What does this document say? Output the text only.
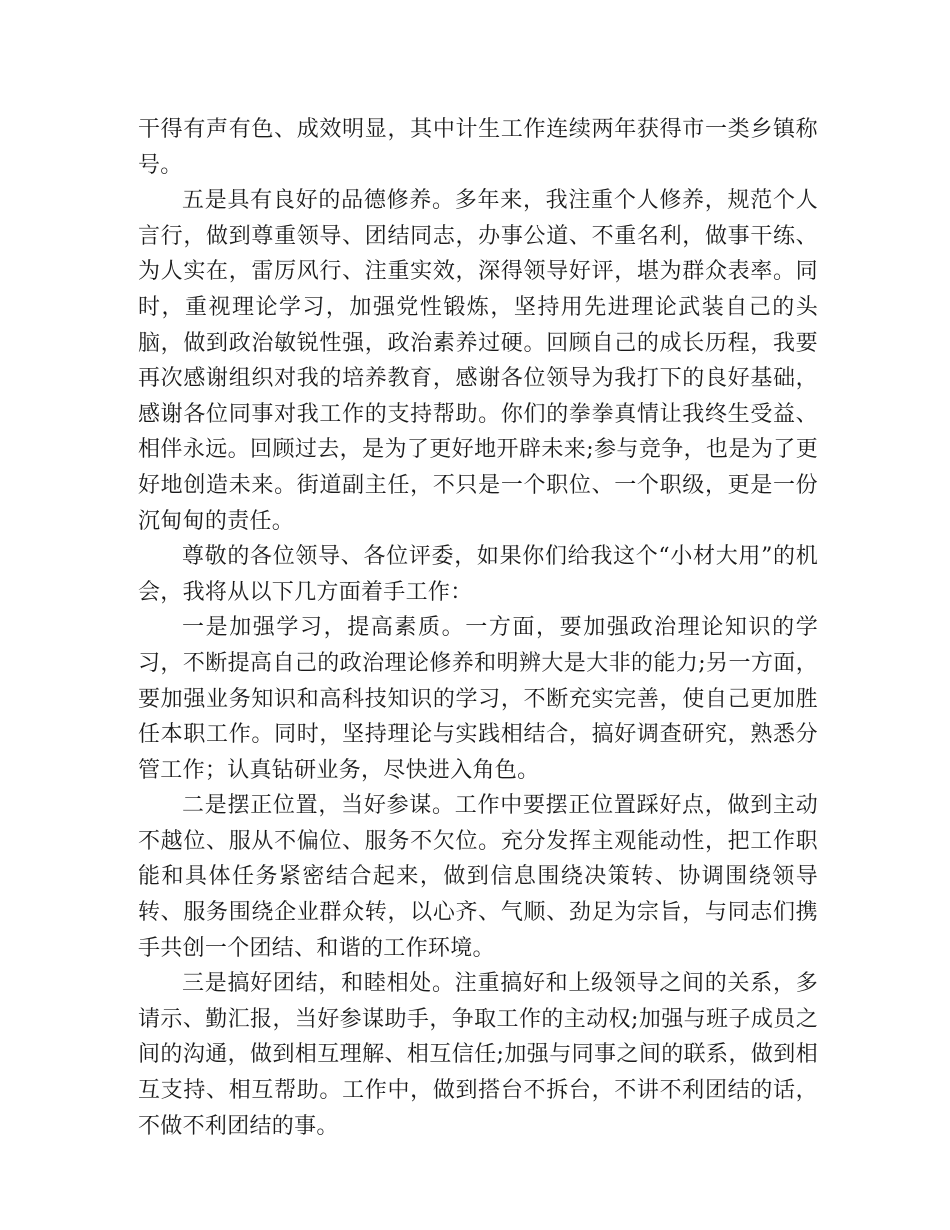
干得有声有色、成效明显，其中计生工作连续两年获得市一类乡镇称号。

五是具有良好的品德修养。多年来，我注重个人修养，规范个人言行，做到尊重领导、团结同志，办事公道、不重名利，做事干练、为人实在，雷厉风行、注重实效，深得领导好评，堪为群众表率。同时，重视理论学习，加强党性锻炼，坚持用先进理论武装自己的头脑，做到政治敏锐性强，政治素养过硬。回顾自己的成长历程，我要再次感谢组织对我的培养教育，感谢各位领导为我打下的良好基础，感谢各位同事对我工作的支持帮助。你们的拳拳真情让我终生受益、相伴永远。回顾过去，是为了更好地开辟未来;参与竞争，也是为了更好地创造未来。街道副主任，不只是一个职位、一个职级，更是一份沉甸甸的责任。

尊敬的各位领导、各位评委，如果你们给我这个“小材大用”的机会，我将从以下几方面着手工作：

一是加强学习，提高素质。一方面，要加强政治理论知识的学习，不断提高自己的政治理论修养和明辨大是大非的能力;另一方面，要加强业务知识和高科技知识的学习，不断充实完善，使自己更加胜任本职工作。同时，坚持理论与实践相结合，搞好调查研究，熟悉分管工作；认真钻研业务，尽快进入角色。

二是摆正位置，当好参谋。工作中要摆正位置踩好点，做到主动不越位、服从不偏位、服务不欠位。充分发挥主观能动性，把工作职能和具体任务紧密结合起来，做到信息围绕决策转、协调围绕领导转、服务围绕企业群众转，以心齐、气顺、劲足为宗旨，与同志们携手共创一个团结、和谐的工作环境。

三是搞好团结，和睦相处。注重搞好和上级领导之间的关系，多请示、勤汇报，当好参谋助手，争取工作的主动权;加强与班子成员之间的沟通，做到相互理解、相互信任;加强与同事之间的联系，做到相互支持、相互帮助。工作中，做到搭台不拆台，不讲不利团结的话，不做不利团结的事。
